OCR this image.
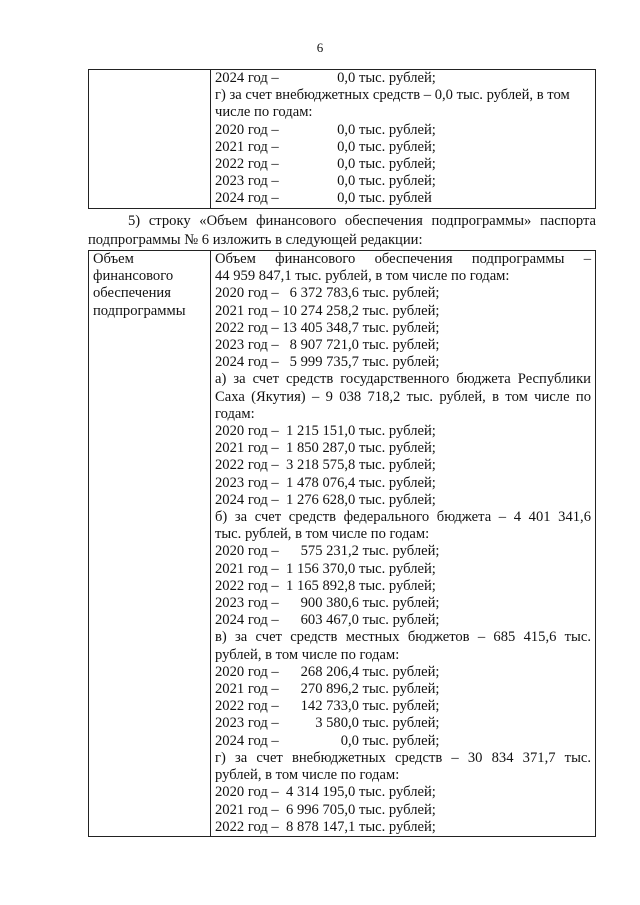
6

2024 год –                0,0 тыс. рублей;
г) за счет внебюджетных средств – 0,0 тыс. рублей, в том
числе по годам:
2020 год –                0,0 тыс. рублей;
2021 год –                0,0 тыс. рублей;
2022 год –                0,0 тыс. рублей;
2023 год –                0,0 тыс. рублей;
2024 год –                0,0 тыс. рублей
5) строку «Объем финансового обеспечения подпрограммы» паспорта подпрограммы № 6 изложить в следующей редакции:
Объем
финансового
обеспечения
подпрограммы

Объем финансового обеспечения подпрограммы –
44 959 847,1 тыс. рублей, в том числе по годам:
2020 год –   6 372 783,6 тыс. рублей;
2021 год – 10 274 258,2 тыс. рублей;
2022 год – 13 405 348,7 тыс. рублей;
2023 год –   8 907 721,0 тыс. рублей;
2024 год –   5 999 735,7 тыс. рублей;
а) за счет средств государственного бюджета Республики
Саха (Якутия) – 9 038 718,2 тыс. рублей, в том числе по
годам:
2020 год –  1 215 151,0 тыс. рублей;
2021 год –  1 850 287,0 тыс. рублей;
2022 год –  3 218 575,8 тыс. рублей;
2023 год –  1 478 076,4 тыс. рублей;
2024 год –  1 276 628,0 тыс. рублей;
б) за счет средств федерального бюджета – 4 401 341,6
тыс. рублей, в том числе по годам:
2020 год –      575 231,2 тыс. рублей;
2021 год –  1 156 370,0 тыс. рублей;
2022 год –  1 165 892,8 тыс. рублей;
2023 год –      900 380,6 тыс. рублей;
2024 год –      603 467,0 тыс. рублей;
в) за счет средств местных бюджетов – 685 415,6 тыс.
рублей, в том числе по годам:
2020 год –      268 206,4 тыс. рублей;
2021 год –      270 896,2 тыс. рублей;
2022 год –      142 733,0 тыс. рублей;
2023 год –          3 580,0 тыс. рублей;
2024 год –                 0,0 тыс. рублей;
г) за счет внебюджетных средств – 30 834 371,7 тыс.
рублей, в том числе по годам:
2020 год –  4 314 195,0 тыс. рублей;
2021 год –  6 996 705,0 тыс. рублей;
2022 год –  8 878 147,1 тыс. рублей;
